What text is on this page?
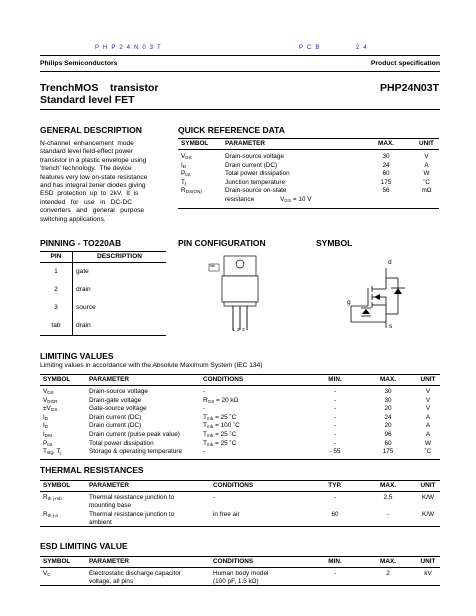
PHP24N03T	PCB	24
Philips Semiconductors	Product specification
TrenchMOS    transistor
Standard level FET
PHP24N03T
GENERAL DESCRIPTION
N-channel  enhancement  mode
standard level field-effect power
transistor in a plastic envelope using
'trench' technology.  The device
features very low on-state resistance
and has integral zener diodes giving
ESD  protection  up  to  2kV.  It  is
intended   for   use   in   DC-DC
converters   and   general   purpose
switching applications.
QUICK REFERENCE DATA
SYMBOL	PARAMETER	MAX.	UNIT
$V_{DS}$	Drain-source voltage	30	V
$I_D$	Drain current (DC)	24	A
$P_{tot}$	Total power dissipation	60	W
$T_j$	Junction temperature	175	˚C
$R_{DS(ON)}$	Drain-source on-state	56	mΩ
	resistance $V_{GS} = 10$ V		
PINNING - TO220AB
PIN	DESCRIPTION
1	gate
2	drain
3	source
tab	drain
PIN CONFIGURATION
tab
1 2 3
SYMBOL
d
g
s
LIMITING VALUES
Limiting values in accordance with the Absolute Maximum System (IEC 134)
SYMBOL	PARAMETER	CONDITIONS	MIN.	MAX.	UNIT
$V_{DS}$	Drain-source voltage	-	-	30	V
$V_{DGR}$	Drain-gate voltage	$R_{GS} = 20$ kΩ	-	30	V
$\pm V_{GS}$	Gate-source voltage	-	-	20	V
$I_D$	Drain current (DC)	$T_{mb} = 25$ ˚C	-	24	A
$I_D$	Drain current (DC)	$T_{mb} = 100$ ˚C	-	20	A
$I_{DM}$	Drain current (pulse peak value)	$T_{mb} = 25$ ˚C	-	96	A
$P_{tot}$	Total power dissipation	$T_{mb} = 25$ ˚C	-	60	W
$T_{stg}$, $T_j$	Storage & operating temperature	-	- 55	175	˚C
THERMAL RESISTANCES
SYMBOL	PARAMETER	CONDITIONS	TYP.	MAX.	UNIT
$R_{th j-mb}$	Thermal resistance junction to
mounting base	-	-	2.5	K/W
$R_{th j-a}$	Thermal resistance junction to
ambient	in free air	60	-	K/W
ESD LIMITING VALUE
SYMBOL	PARAMETER	CONDITIONS	MIN.	MAX.	UNIT
$V_C$	Electrostatic discharge capacitor
voltage, all pins	Human body model
(100 pF, 1.5 kΩ)	-	2	kV
